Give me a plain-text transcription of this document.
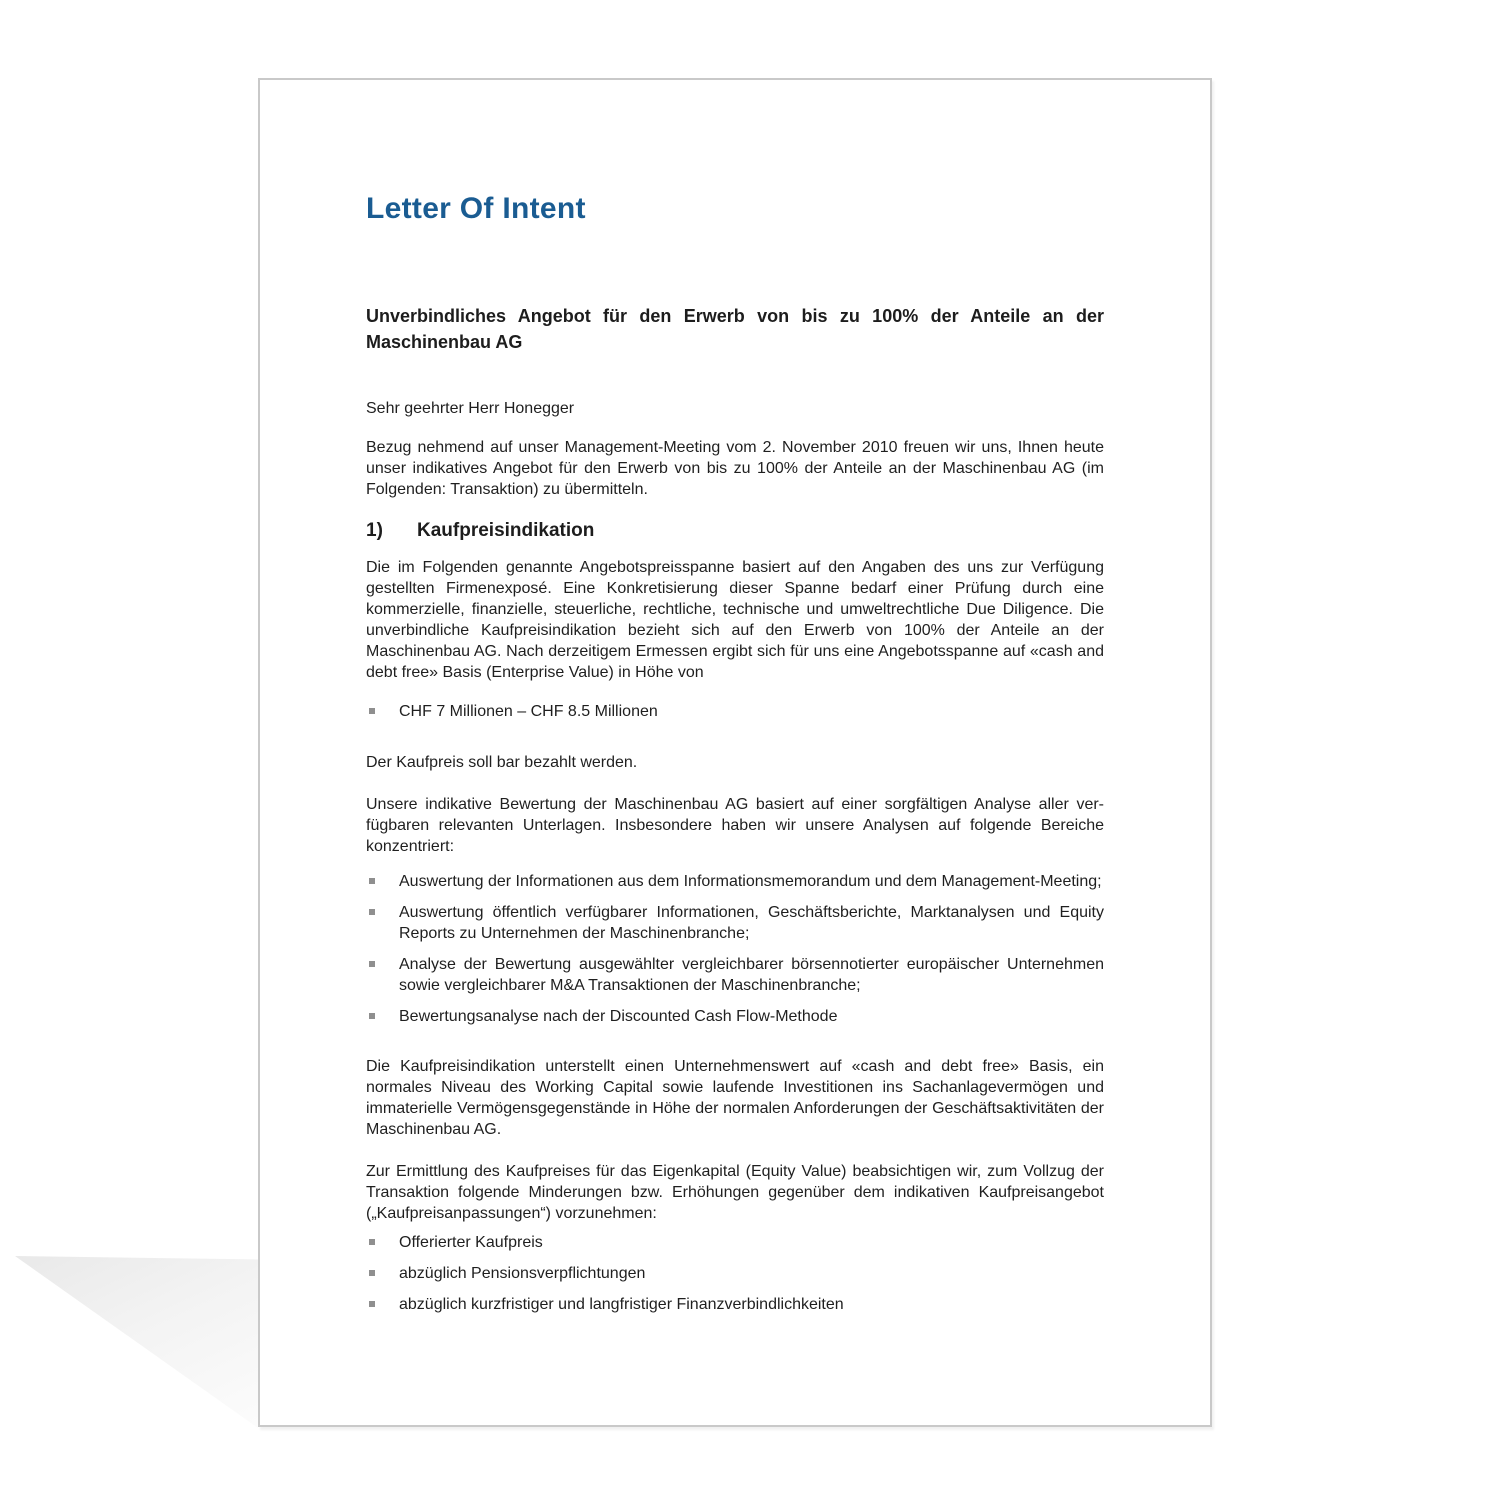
Letter Of Intent

Unverbindliches Angebot für den Erwerb von bis zu 100% der Anteile an der Maschinenbau AG

Sehr geehrter Herr Honegger

Bezug nehmend auf unser Management-Meeting vom 2. November 2010 freuen wir uns, Ihnen heute unser indikatives Angebot für den Erwerb von bis zu 100% der Anteile an der Maschinenbau AG (im Folgenden: Transaktion) zu übermitteln.

1)	Kaufpreisindikation

Die im Folgenden genannte Angebotspreisspanne basiert auf den Angaben des uns zur Verfügung gestellten Firmenexposé. Eine Konkretisierung dieser Spanne bedarf einer Prüfung durch eine kommerzielle, finanzielle, steuerliche, rechtliche, technische und umweltrechtliche Due Diligence. Die unverbindliche Kaufpreisindikation bezieht sich auf den Erwerb von 100% der Anteile an der Maschinenbau AG. Nach derzeitigem Ermessen ergibt sich für uns eine Angebotsspanne auf «cash and debt free» Basis (Enterprise Value) in Höhe von

CHF 7 Millionen – CHF 8.5 Millionen

Der Kaufpreis soll bar bezahlt werden.

Unsere indikative Bewertung der Maschinenbau AG basiert auf einer sorgfältigen Analyse aller verfügbaren relevanten Unterlagen. Insbesondere haben wir unsere Analysen auf folgende Bereiche konzentriert:

Auswertung der Informationen aus dem Informationsmemorandum und dem Management-Meeting;
Auswertung öffentlich verfügbarer Informationen, Geschäftsberichte, Marktanalysen und Equity Reports zu Unternehmen der Maschinenbranche;
Analyse der Bewertung ausgewählter vergleichbarer börsennotierter europäischer Unternehmen sowie vergleichbarer M&A Transaktionen der Maschinenbranche;
Bewertungsanalyse nach der Discounted Cash Flow-Methode

Die Kaufpreisindikation unterstellt einen Unternehmenswert auf «cash and debt free» Basis, ein normales Niveau des Working Capital sowie laufende Investitionen ins Sachanlagevermögen und immaterielle Vermögensgegenstände in Höhe der normalen Anforderungen der Geschäftsaktivitäten der Maschinenbau AG.

Zur Ermittlung des Kaufpreises für das Eigenkapital (Equity Value) beabsichtigen wir, zum Vollzug der Transaktion folgende Minderungen bzw. Erhöhungen gegenüber dem indikativen Kaufpreisangebot („Kaufpreisanpassungen“) vorzunehmen:

Offerierter Kaufpreis
abzüglich Pensionsverpflichtungen
abzüglich kurzfristiger und langfristiger Finanzverbindlichkeiten
